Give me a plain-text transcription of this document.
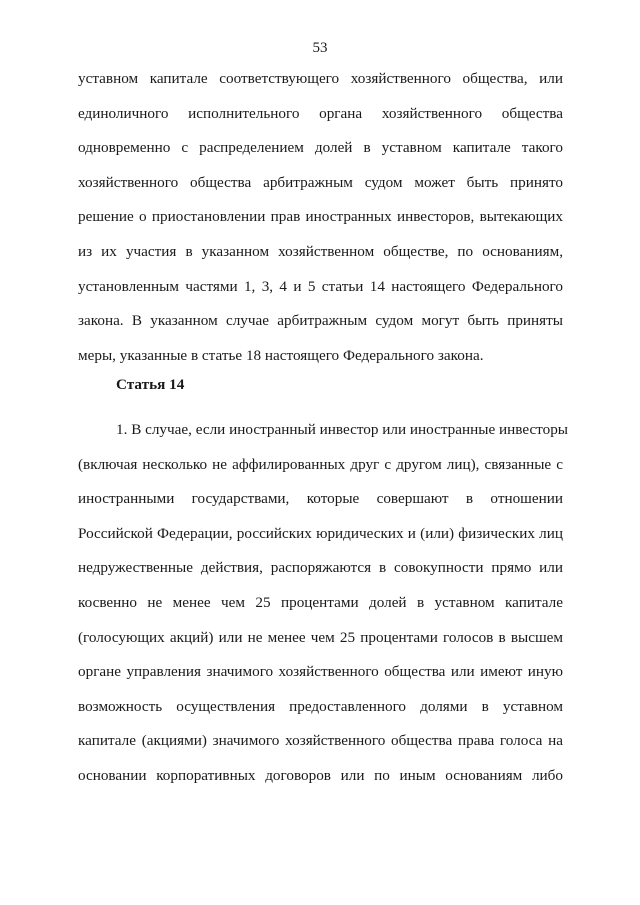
53
уставном капитале соответствующего хозяйственного общества, или
единоличного исполнительного органа хозяйственного общества
одновременно с распределением долей в уставном капитале такого
хозяйственного общества арбитражным судом может быть принято
решение о приостановлении прав иностранных инвесторов, вытекающих
из их участия в указанном хозяйственном обществе, по основаниям,
установленным частями 1, 3, 4 и 5 статьи 14 настоящего Федерального
закона. В указанном случае арбитражным судом могут быть приняты
меры, указанные в статье 18 настоящего Федерального закона.
Статья 14
1. В случае, если иностранный инвестор или иностранные инвесторы
(включая несколько не аффилированных друг с другом лиц), связанные с
иностранными государствами, которые совершают в отношении
Российской Федерации, российских юридических и (или) физических лиц
недружественные действия, распоряжаются в совокупности прямо или
косвенно не менее чем 25 процентами долей в уставном капитале
(голосующих акций) или не менее чем 25 процентами голосов в высшем
органе управления значимого хозяйственного общества или имеют иную
возможность осуществления предоставленного долями в уставном
капитале (акциями) значимого хозяйственного общества права голоса на
основании корпоративных договоров или по иным основаниям либо
